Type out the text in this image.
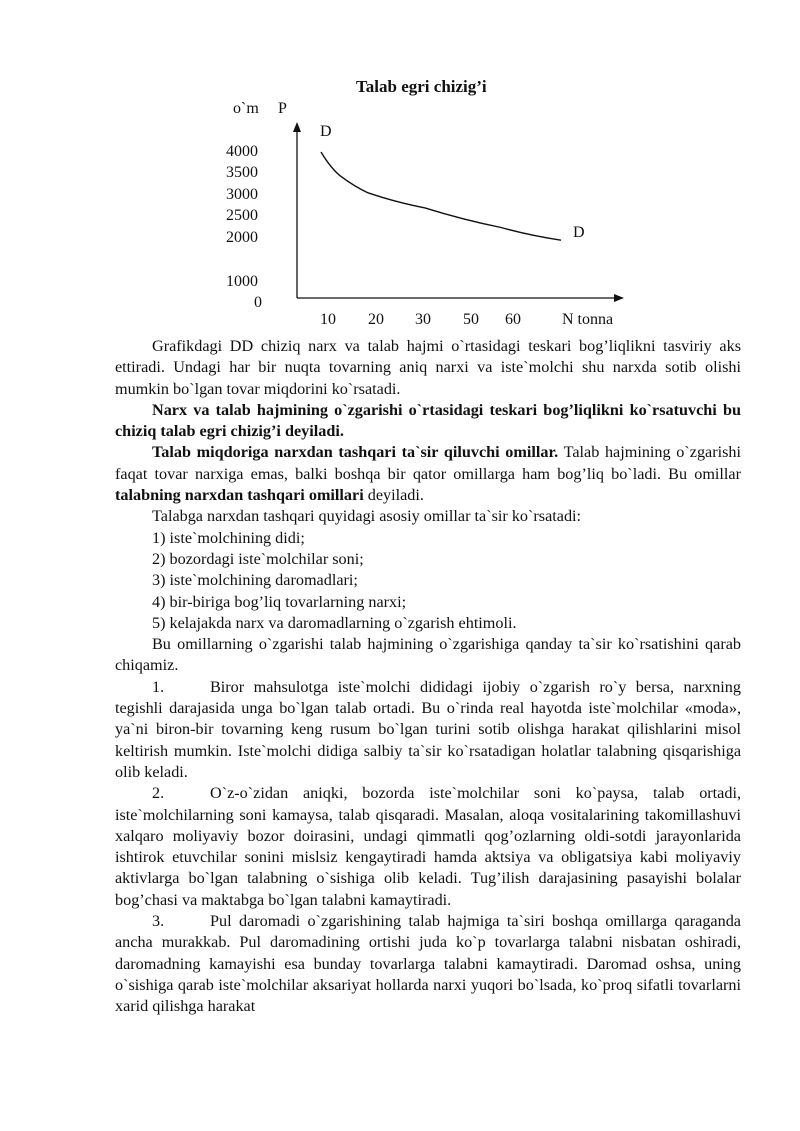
Talab egri chizig’i
o`m P
4000
3500
3000
2500
2000
1000
0
10 20 30 50 60	N tonna
D
D

Grafikdagi DD chiziq narx va talab hajmi o`rtasidagi teskari bog’liqlikni tasviriy aks ettiradi. Undagi har bir nuqta tovarning aniq narxi va iste`molchi shu narxda sotib olishi mumkin bo`lgan tovar miqdorini ko`rsatadi.

Narx va talab hajmining o`zgarishi o`rtasidagi teskari bog’liqlikni ko`rsatuvchi bu chiziq talab egri chizig’i deyiladi.

Talab miqdoriga narxdan tashqari ta`sir qiluvchi omillar. Talab hajmining o`zgarishi faqat tovar narxiga emas, balki boshqa bir qator omillarga ham bog’liq bo`ladi. Bu omillar talabning narxdan tashqari omillari deyiladi.

Talabga narxdan tashqari quyidagi asosiy omillar ta`sir ko`rsatadi:

1) iste`molchining didi;

2) bozordagi iste`molchilar soni;

3) iste`molchining daromadlari;

4) bir-biriga bog’liq tovarlarning narxi;

5) kelajakda narx va daromadlarning o`zgarish ehtimoli.

Bu omillarning o`zgarishi talab hajmining o`zgarishiga qanday ta`sir ko`rsatishini qarab chiqamiz.

1.	Biror mahsulotga iste`molchi dididagi ijobiy o`zgarish ro`y bersa, narxning tegishli darajasida unga bo`lgan talab ortadi. Bu o`rinda real hayotda iste`molchilar «moda», ya`ni biron-bir tovarning keng rusum bo`lgan turini sotib olishga harakat qilishlarini misol keltirish mumkin. Iste`molchi didiga salbiy ta`sir ko`rsatadigan holatlar talabning qisqarishiga olib keladi.

2.	O`z-o`zidan aniqki, bozorda iste`molchilar soni ko`paysa, talab ortadi, iste`molchilarning soni kamaysa, talab qisqaradi. Masalan, aloqa vositalarining takomillashuvi xalqaro moliyaviy bozor doirasini, undagi qimmatli qog’ozlarning oldi-sotdi jarayonlarida ishtirok etuvchilar sonini mislsiz kengaytiradi hamda aktsiya va obligatsiya kabi moliyaviy aktivlarga bo`lgan talabning o`sishiga olib keladi. Tug’ilish darajasining pasayishi bolalar bog’chasi va maktabga bo`lgan talabni kamaytiradi.

3.	Pul daromadi o`zgarishining talab hajmiga ta`siri boshqa omillarga qaraganda ancha murakkab. Pul daromadining ortishi juda ko`p tovarlarga talabni nisbatan oshiradi, daromadning kamayishi esa bunday tovarlarga talabni kamaytiradi. Daromad oshsa, uning o`sishiga qarab iste`molchilar aksariyat hollarda narxi yuqori bo`lsada, ko`proq sifatli tovarlarni xarid qilishga harakat
